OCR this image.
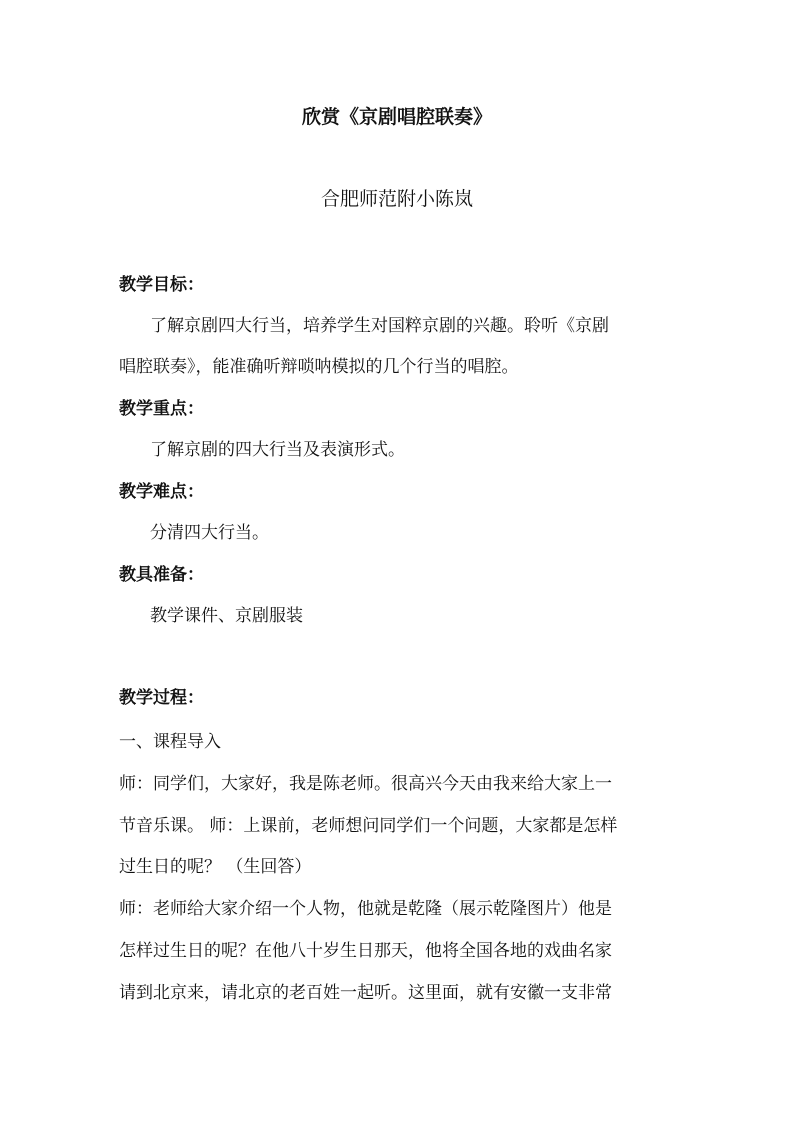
欣赏《京剧唱腔联奏》
合肥师范附小陈岚
教学目标：
了解京剧四大行当，培养学生对国粹京剧的兴趣。聆听《京剧
唱腔联奏》，能准确听辩唢呐模拟的几个行当的唱腔。
教学重点：
了解京剧的四大行当及表演形式。
教学难点：
分清四大行当。
教具准备：
教学课件、京剧服装
教学过程：
一、课程导入
师：同学们，大家好，我是陈老师。很高兴今天由我来给大家上一
节音乐课。 师：上课前，老师想问同学们一个问题，大家都是怎样
过生日的呢？ （生回答）
师：老师给大家介绍一个人物，他就是乾隆（展示乾隆图片）他是
怎样过生日的呢？在他八十岁生日那天，他将全国各地的戏曲名家
请到北京来，请北京的老百姓一起听。这里面，就有安徽一支非常
